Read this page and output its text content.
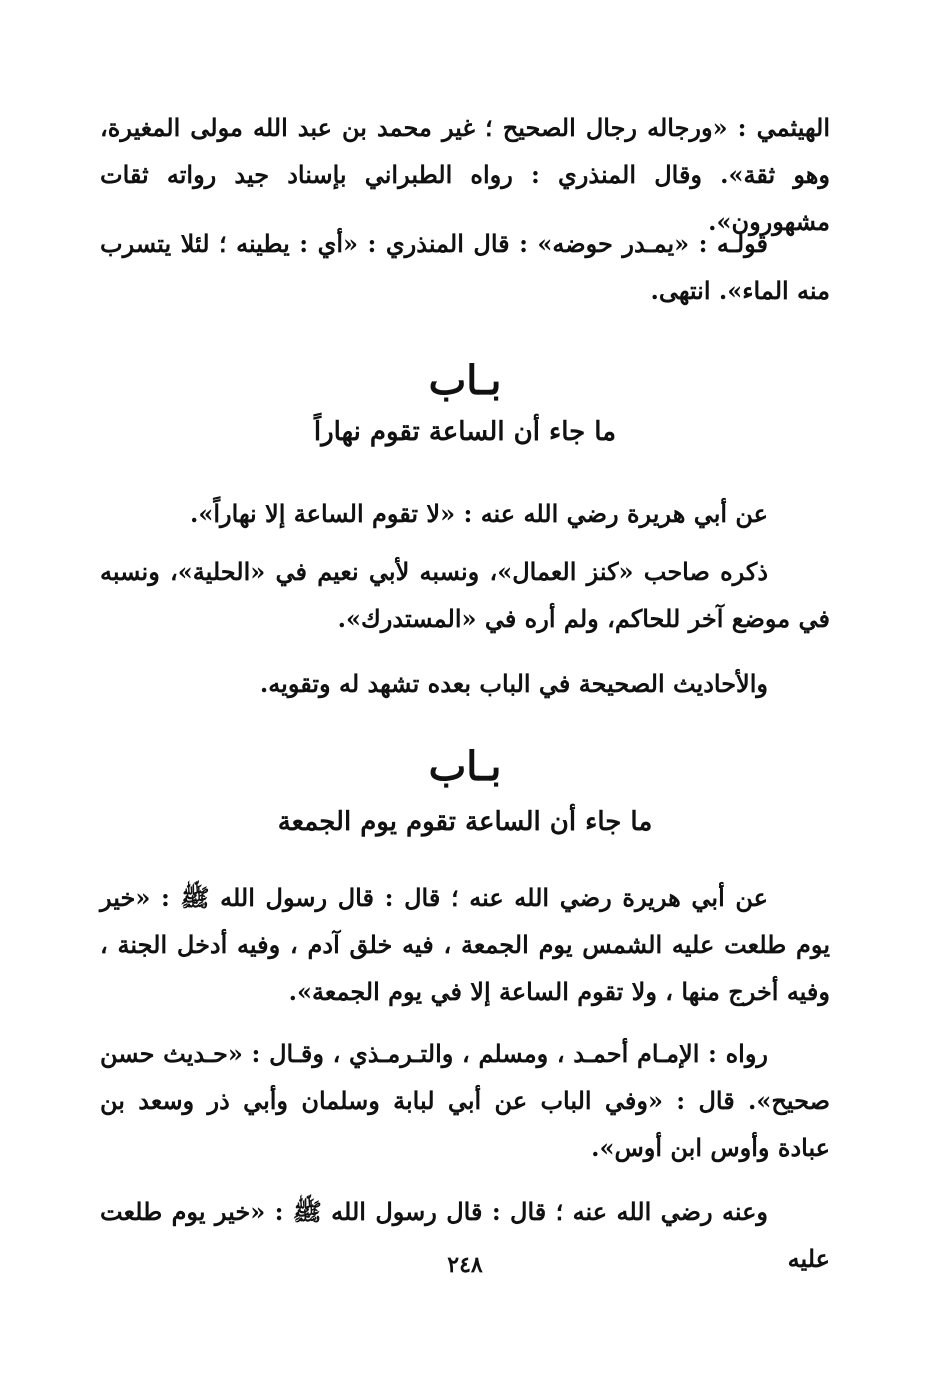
الهيثمي : «ورجاله رجال الصحيح ؛ غير محمد بن عبد الله مولى المغيرة، وهو ثقة». وقال المنذري : رواه الطبراني بإسناد جيد رواته ثقات مشهورون».

قولـه : «يمـدر حوضه» : قال المنذري : «أي : يطينه ؛ لئلا يتسرب منه الماء». انتهى.

بـاب
ما جاء أن الساعة تقوم نهاراً

عن أبي هريرة رضي الله عنه : «لا تقوم الساعة إلا نهاراً».

ذكره صاحب «كنز العمال»، ونسبه لأبي نعيم في «الحلية»، ونسبه في موضع آخر للحاكم، ولم أره في «المستدرك».

والأحاديث الصحيحة في الباب بعده تشهد له وتقويه.

بـاب
ما جاء أن الساعة تقوم يوم الجمعة

عن أبي هريرة رضي الله عنه ؛ قال : قال رسول الله ﷺ : «خير يوم طلعت عليه الشمس يوم الجمعة ، فيه خلق آدم ، وفيه أدخل الجنة ، وفيه أخرج منها ، ولا تقوم الساعة إلا في يوم الجمعة».

رواه : الإمـام أحمـد ، ومسلم ، والتـرمـذي ، وقـال : «حـديث حسن صحيح». قال : «وفي الباب عن أبي لبابة وسلمان وأبي ذر وسعد بن عبادة وأوس ابن أوس».

وعنه رضي الله عنه ؛ قال : قال رسول الله ﷺ : «خير يوم طلعت عليه

٢٤٨
